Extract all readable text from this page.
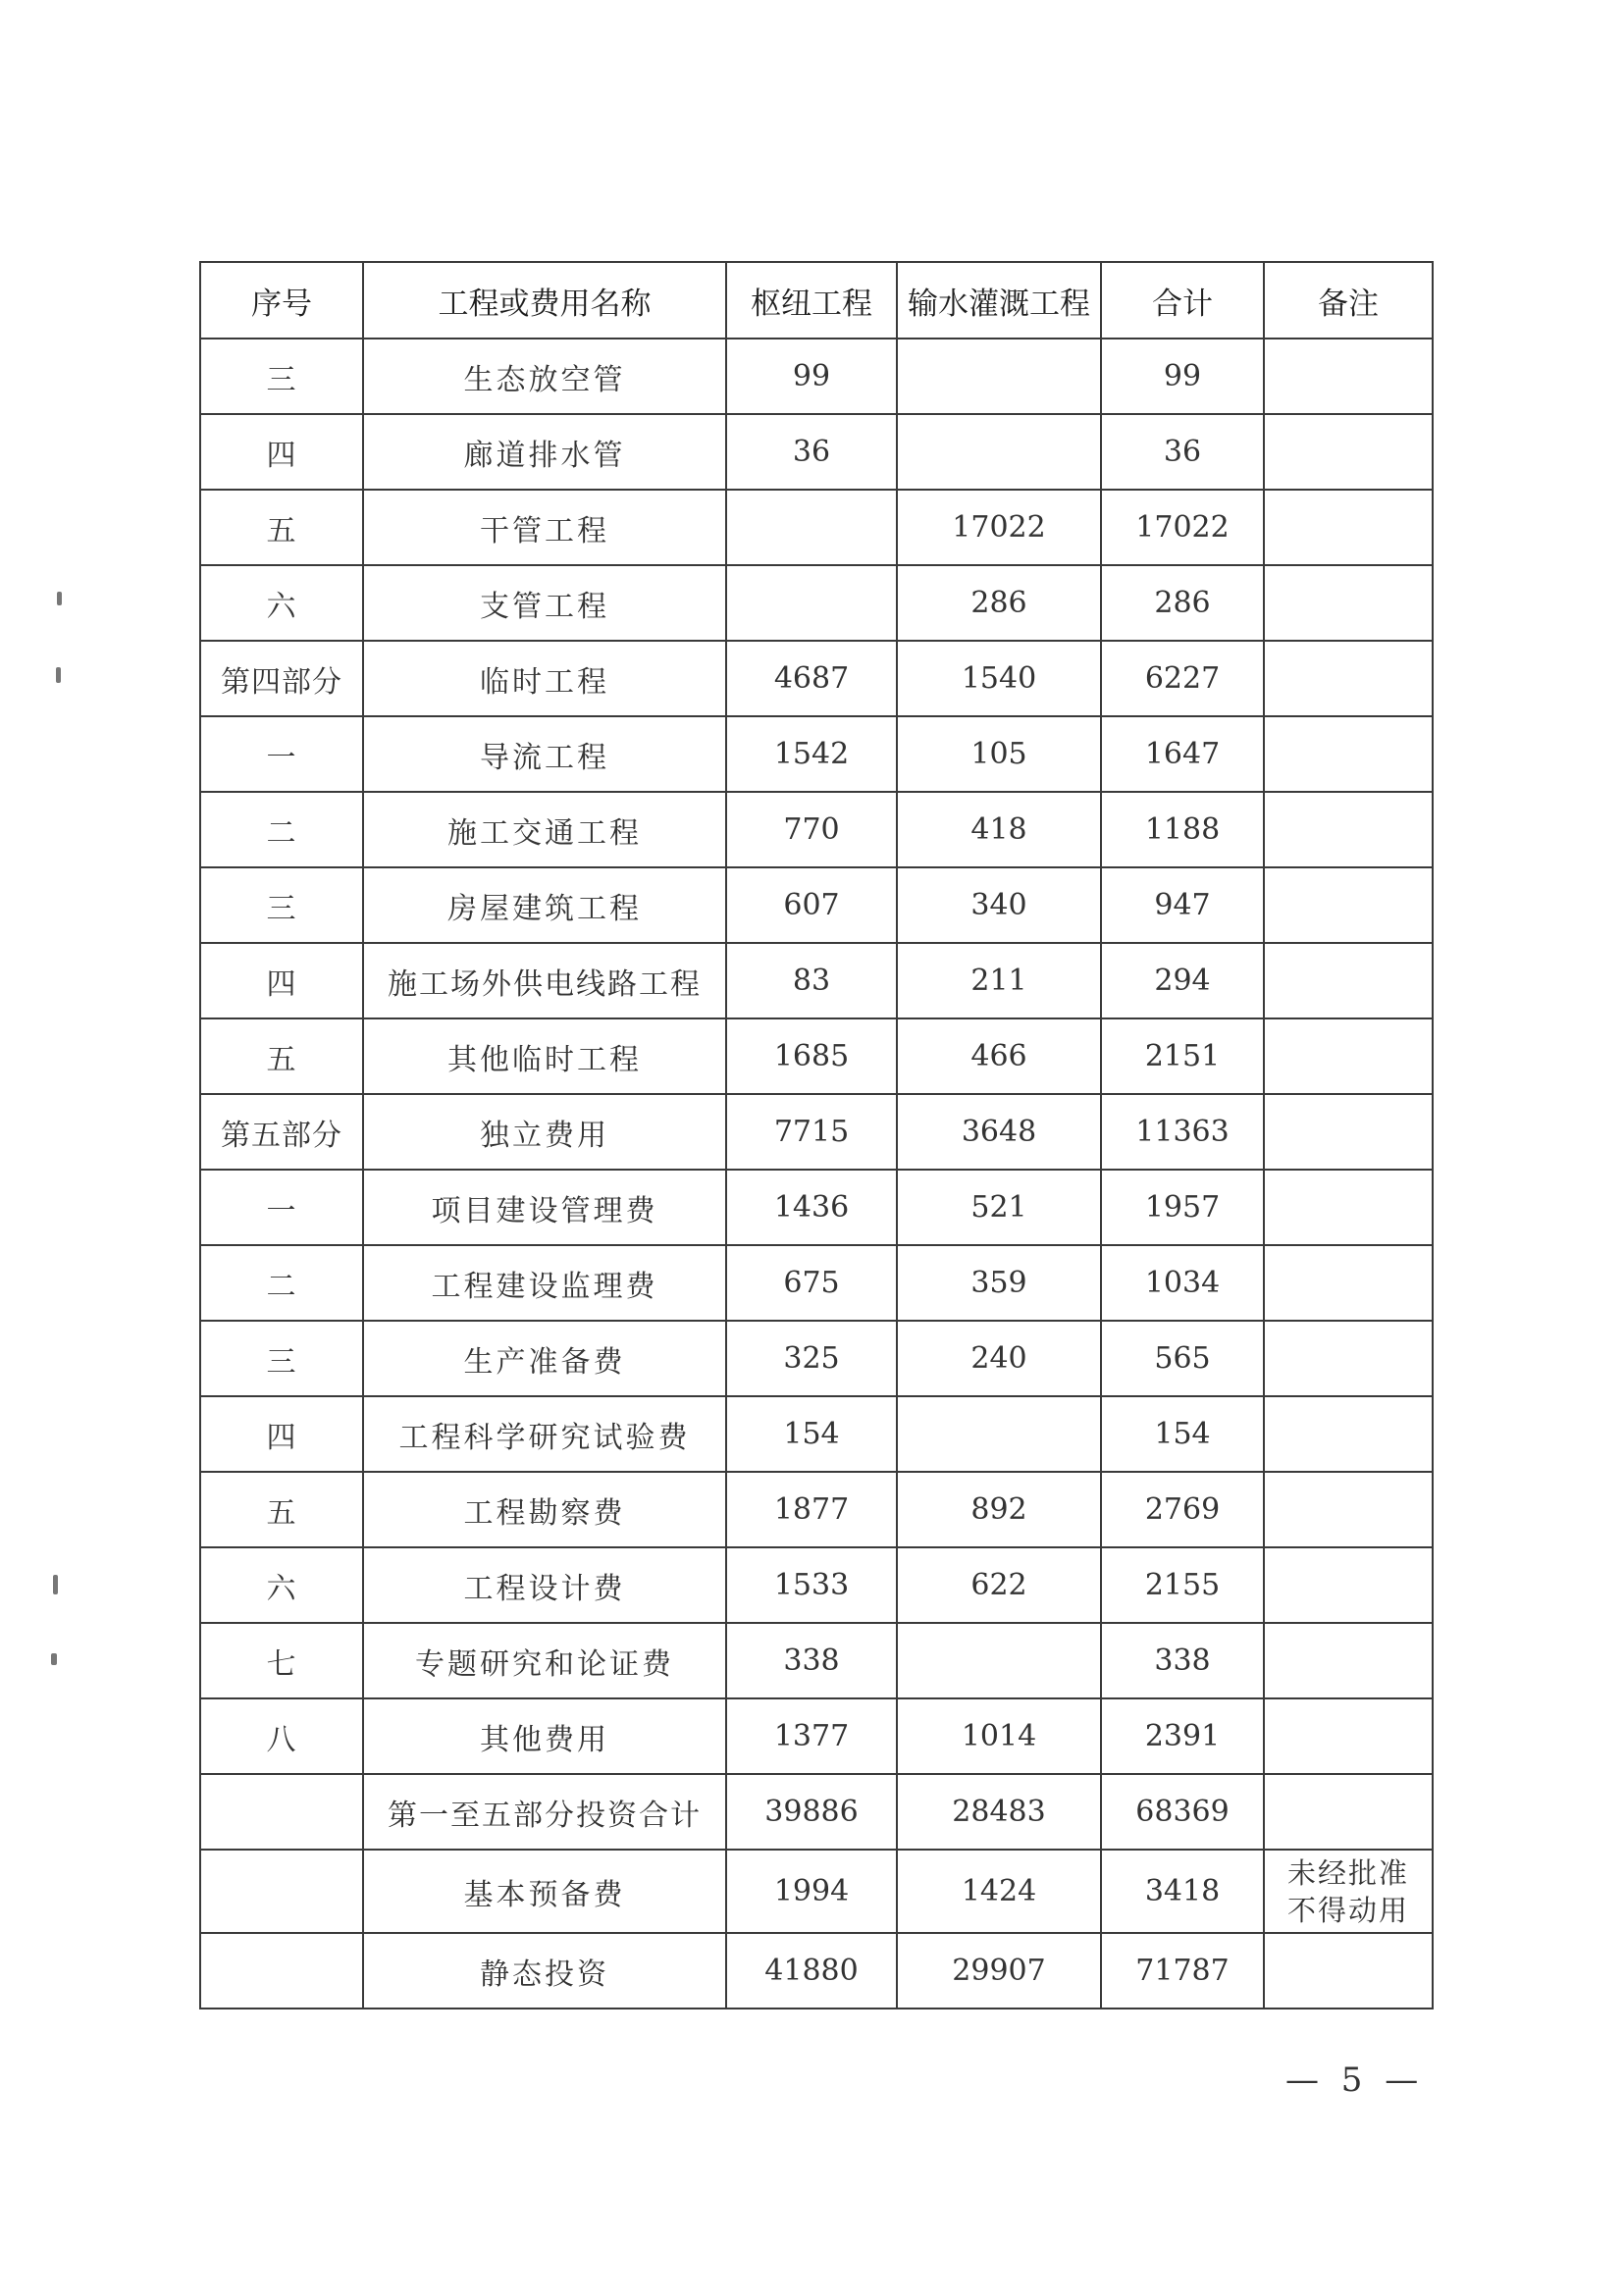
序号	工程或费用名称	枢纽工程	输水灌溉工程	合计	备注
三	生态放空管	99		99	
四	廊道排水管	36		36	
五	干管工程		17022	17022	
六	支管工程		286	286	
第四部分	临时工程	4687	1540	6227	
一	导流工程	1542	105	1647	
二	施工交通工程	770	418	1188	
三	房屋建筑工程	607	340	947	
四	施工场外供电线路工程	83	211	294	
五	其他临时工程	1685	466	2151	
第五部分	独立费用	7715	3648	11363	
一	项目建设管理费	1436	521	1957	
二	工程建设监理费	675	359	1034	
三	生产准备费	325	240	565	
四	工程科学研究试验费	154		154	
五	工程勘察费	1877	892	2769	
六	工程设计费	1533	622	2155	
七	专题研究和论证费	338		338	
八	其他费用	1377	1014	2391	
	第一至五部分投资合计	39886	28483	68369	
	基本预备费	1994	1424	3418	未经批准
不得动用

	静态投资	41880	29907	71787	
— 5 —
